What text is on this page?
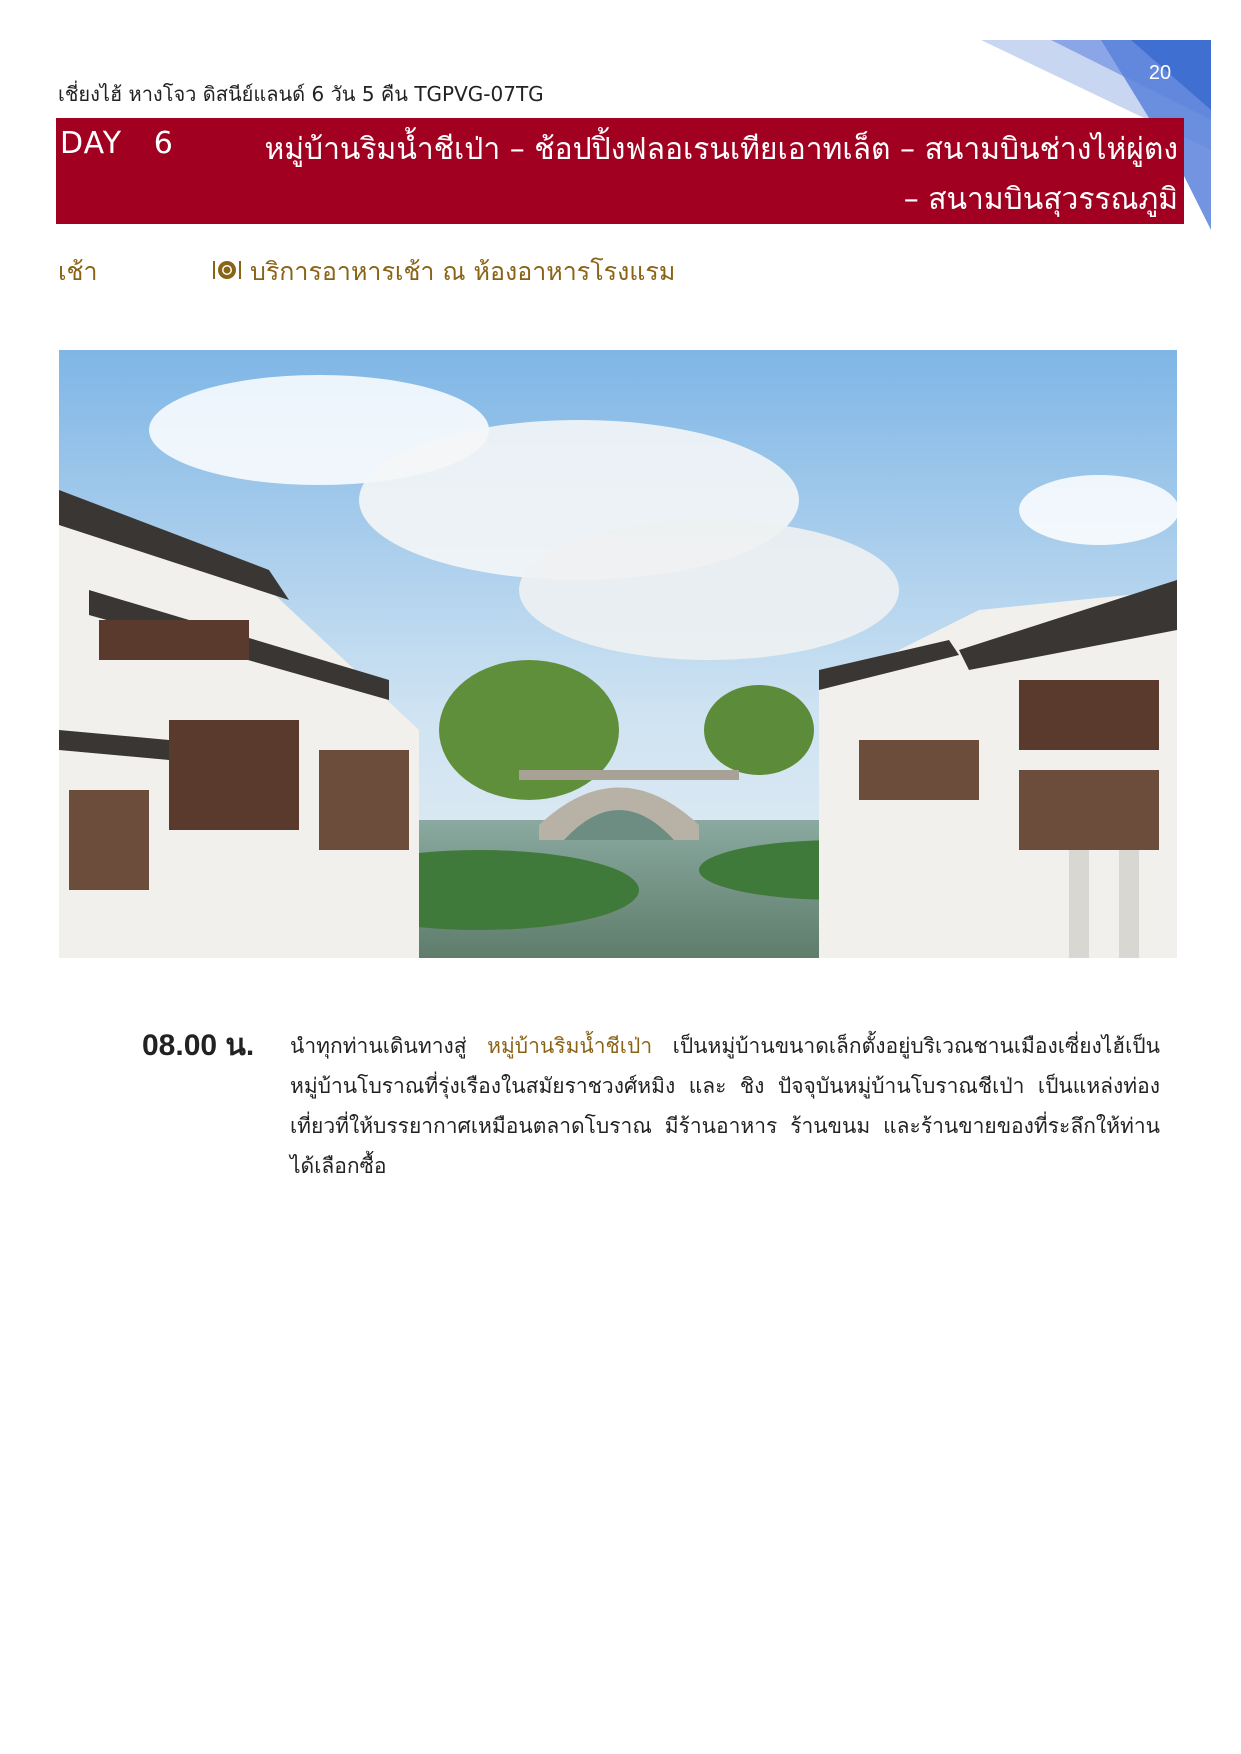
20
เชี่ยงไฮ้ หางโจว ดิสนีย์แลนด์ 6 วัน 5 คืน TGPVG-07TG
DAY   6	หมู่บ้านริมน้ำชีเป่า – ช้อปปิ้งฟลอเรนเทียเอาทเล็ต – สนามบินช่างไห่ผู่ตง
– สนามบินสุวรรณภูมิ
เช้า	บริการอาหารเช้า ณ ห้องอาหารโรงแรม
08.00 น. นำทุกท่านเดินทางสู่ หมู่บ้านริมน้ำชีเป่า เป็นหมู่บ้านขนาดเล็กตั้งอยู่บริเวณชานเมืองเซี่ยงไฮ้เป็นหมู่บ้านโบราณที่รุ่งเรืองในสมัยราชวงศ์หมิง และ ชิง ปัจจุบันหมู่บ้านโบราณชีเป่า เป็นแหล่งท่องเที่ยวที่ให้บรรยากาศเหมือนตลาดโบราณ มีร้านอาหาร ร้านขนม และร้านขายของที่ระลึกให้ท่านได้เลือกซื้อ
